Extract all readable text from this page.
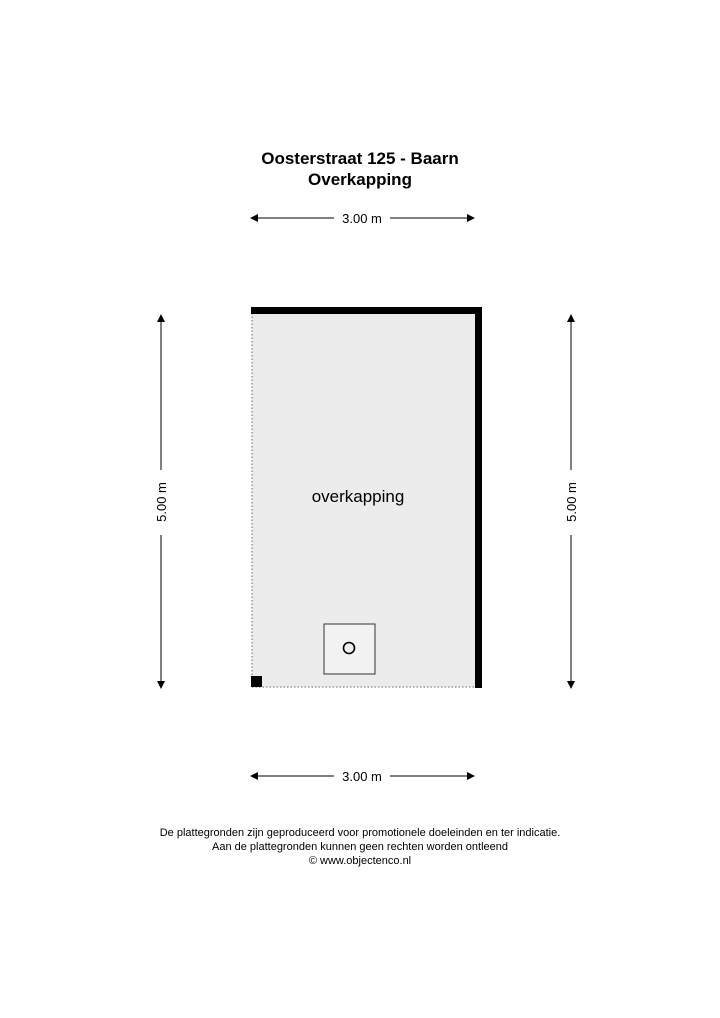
Oosterstraat 125 - Baarn
Overkapping
3.00 m
overkapping
5.00 m	5.00 m
3.00 m
De plattegronden zijn geproduceerd voor promotionele doeleinden en ter indicatie.
Aan de plattegronden kunnen geen rechten worden ontleend
© www.objectenco.nl
